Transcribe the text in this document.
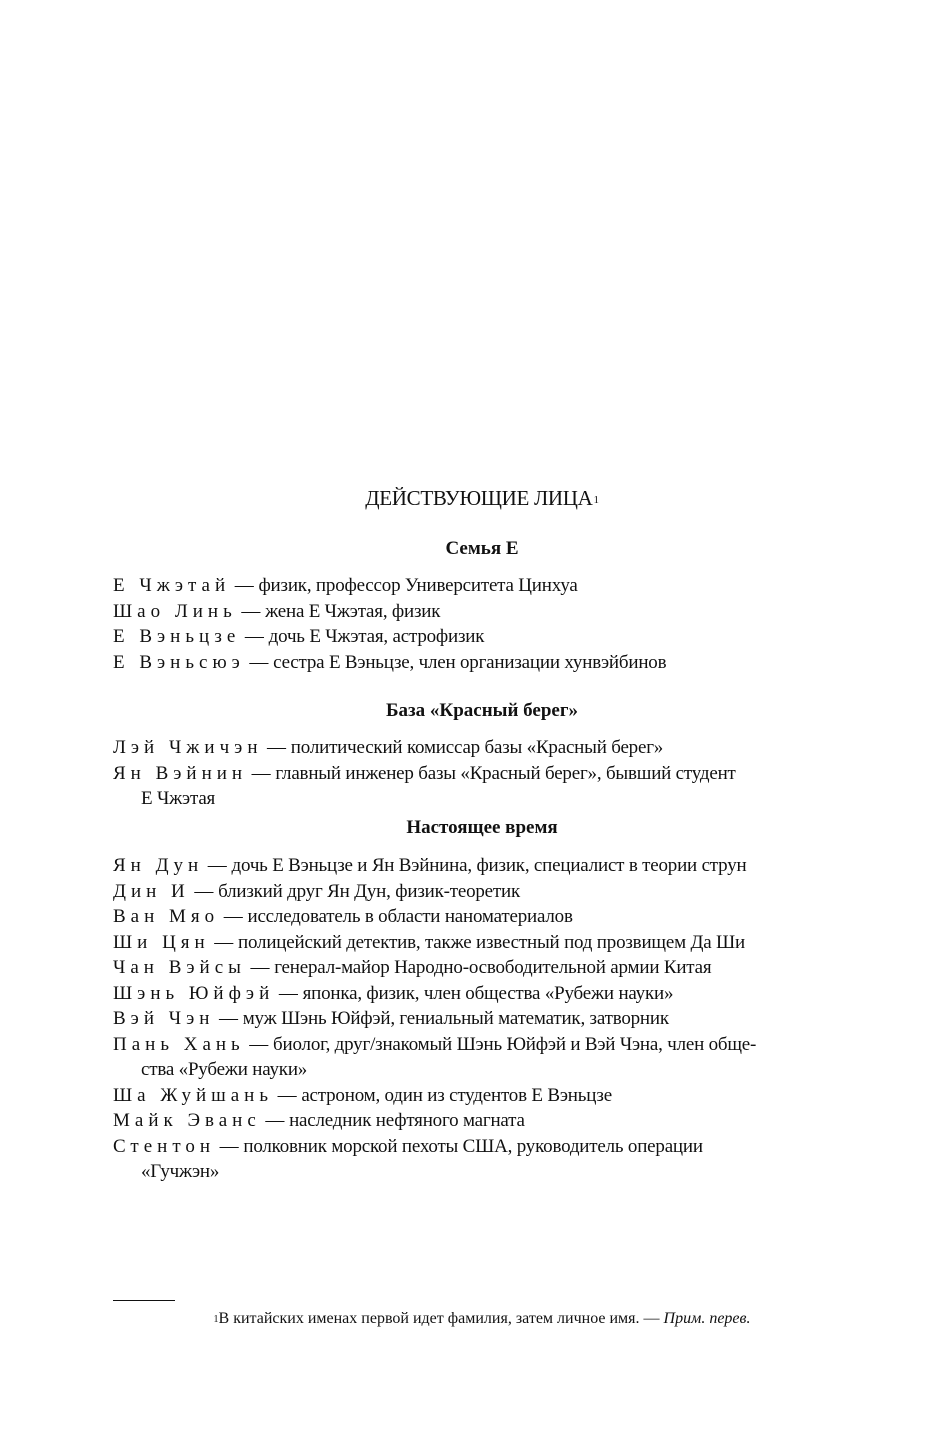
ДЕЙСТВУЮЩИЕ ЛИЦА$^1$
Семья Е

Е Чжэтай — физик, профессор Университета Цинхуа

Шао Линь — жена Е Чжэтая, физик

Е Вэньцзе — дочь Е Чжэтая, астрофизик

Е Вэньсюэ — сестра Е Вэньцзе, член организации хунвэйбинов

База «Красный берег»

Лэй Чжичэн — политический комиссар базы «Красный берег»

Ян Вэйнин — главный инженер базы «Красный берег», бывший студент
Е Чжэтая

Настоящее время

Ян Дун — дочь Е Вэньцзе и Ян Вэйнина, физик, специалист в теории струн

Дин И — близкий друг Ян Дун, физик-теоретик

Ван Мяо — исследователь в области наноматериалов

Ши Цян — полицейский детектив, также известный под прозвищем Да Ши

Чан Вэйсы — генерал-майор Народно-освободительной армии Китая

Шэнь Юйфэй — японка, физик, член общества «Рубежи науки»

Вэй Чэн — муж Шэнь Юйфэй, гениальный математик, затворник

Пань Хань — биолог, друг/знакомый Шэнь Юйфэй и Вэй Чэна, член обще-
ства «Рубежи науки»

Ша Жуйшань — астроном, один из студентов Е Вэньцзе

Майк Эванс — наследник нефтяного магната

Стентон — полковник морской пехоты США, руководитель операции
«Гучжэн»

$^1$В китайских именах первой идет фамилия, затем личное имя. — Прим. перев.
